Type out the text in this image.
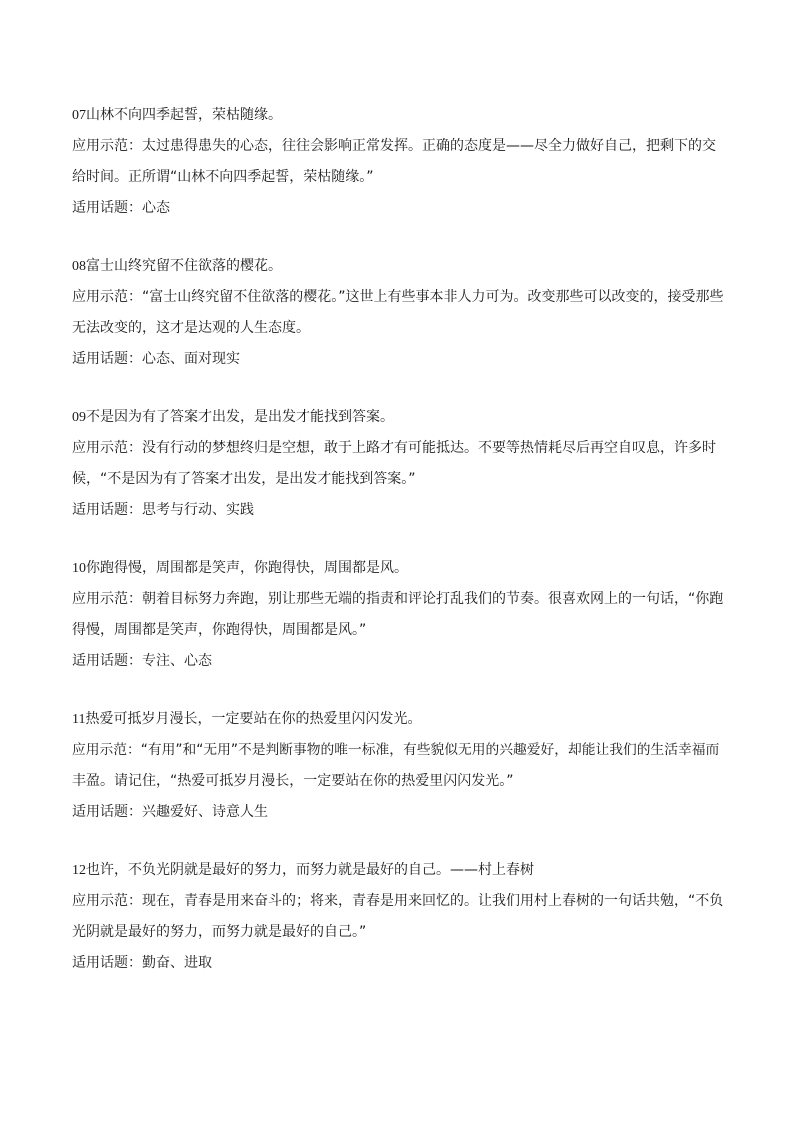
07山林不向四季起誓，荣枯随缘。
应用示范：太过患得患失的心态，往往会影响正常发挥。正确的态度是——尽全力做好自己，把剩下的交
给时间。正所谓“山林不向四季起誓，荣枯随缘。”
适用话题：心态
08富士山终究留不住欲落的樱花。
应用示范：“富士山终究留不住欲落的樱花。”这世上有些事本非人力可为。改变那些可以改变的，接受那些
无法改变的，这才是达观的人生态度。
适用话题：心态、面对现实
09不是因为有了答案才出发，是出发才能找到答案。
应用示范：没有行动的梦想终归是空想，敢于上路才有可能抵达。不要等热情耗尽后再空自叹息，许多时
候，“不是因为有了答案才出发，是出发才能找到答案。”
适用话题：思考与行动、实践
10你跑得慢，周围都是笑声，你跑得快，周围都是风。
应用示范：朝着目标努力奔跑，别让那些无端的指责和评论打乱我们的节奏。很喜欢网上的一句话，“你跑
得慢，周围都是笑声，你跑得快，周围都是风。”
适用话题：专注、心态
11热爱可抵岁月漫长，一定要站在你的热爱里闪闪发光。
应用示范：“有用”和“无用”不是判断事物的唯一标准，有些貌似无用的兴趣爱好，却能让我们的生活幸福而
丰盈。请记住，“热爱可抵岁月漫长，一定要站在你的热爱里闪闪发光。”
适用话题：兴趣爱好、诗意人生
12也许，不负光阴就是最好的努力，而努力就是最好的自己。——村上春树
应用示范：现在，青春是用来奋斗的；将来，青春是用来回忆的。让我们用村上春树的一句话共勉，“不负
光阴就是最好的努力，而努力就是最好的自己。”
适用话题：勤奋、进取
